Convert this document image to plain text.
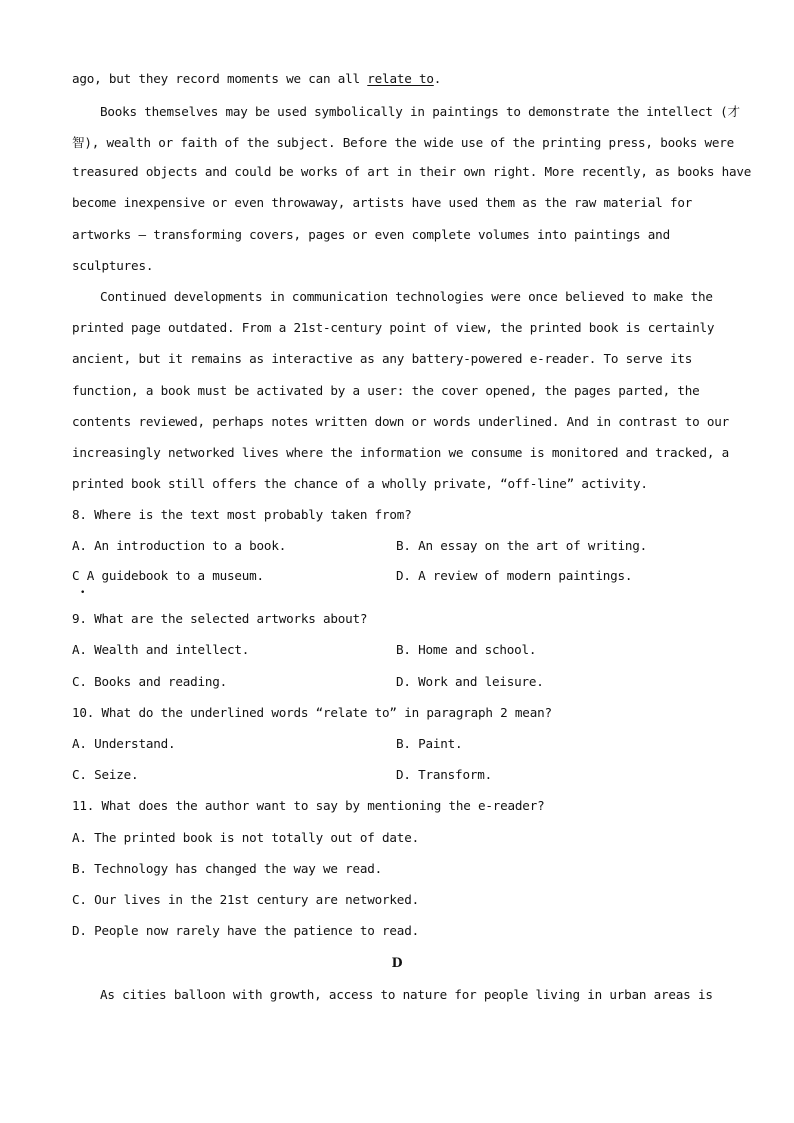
ago, but they record moments we can all relate to.
Books themselves may be used symbolically in paintings to demonstrate the intellect (才
智), wealth or faith of the subject. Before the wide use of the printing press, books were
treasured objects and could be works of art in their own right. More recently, as books have
become inexpensive or even throwaway, artists have used them as the raw material for
artworks — transforming covers, pages or even complete volumes into paintings and
sculptures.
Continued developments in communication technologies were once believed to make the
printed page outdated. From a 21st-century point of view, the printed book is certainly
ancient, but it remains as interactive as any battery-powered e-reader. To serve its
function, a book must be activated by a user: the cover opened, the pages parted, the
contents reviewed, perhaps notes written down or words underlined. And in contrast to our
increasingly networked lives where the information we consume is monitored and tracked, a
printed book still offers the chance of a wholly private, “off-line” activity.
8. Where is the text most probably taken from?
A. An introduction to a book.	B. An essay on the art of writing.
C A guidebook to a museum.	D. A review of modern paintings.
•
9. What are the selected artworks about?
A. Wealth and intellect.	B. Home and school.
C. Books and reading.	D. Work and leisure.
10. What do the underlined words “relate to” in paragraph 2 mean?
A. Understand.	B. Paint.
C. Seize.	D. Transform.
11. What does the author want to say by mentioning the e-reader?
A. The printed book is not totally out of date.
B. Technology has changed the way we read.
C. Our lives in the 21st century are networked.
D. People now rarely have the patience to read.
D
As cities balloon with growth, access to nature for people living in urban areas is
